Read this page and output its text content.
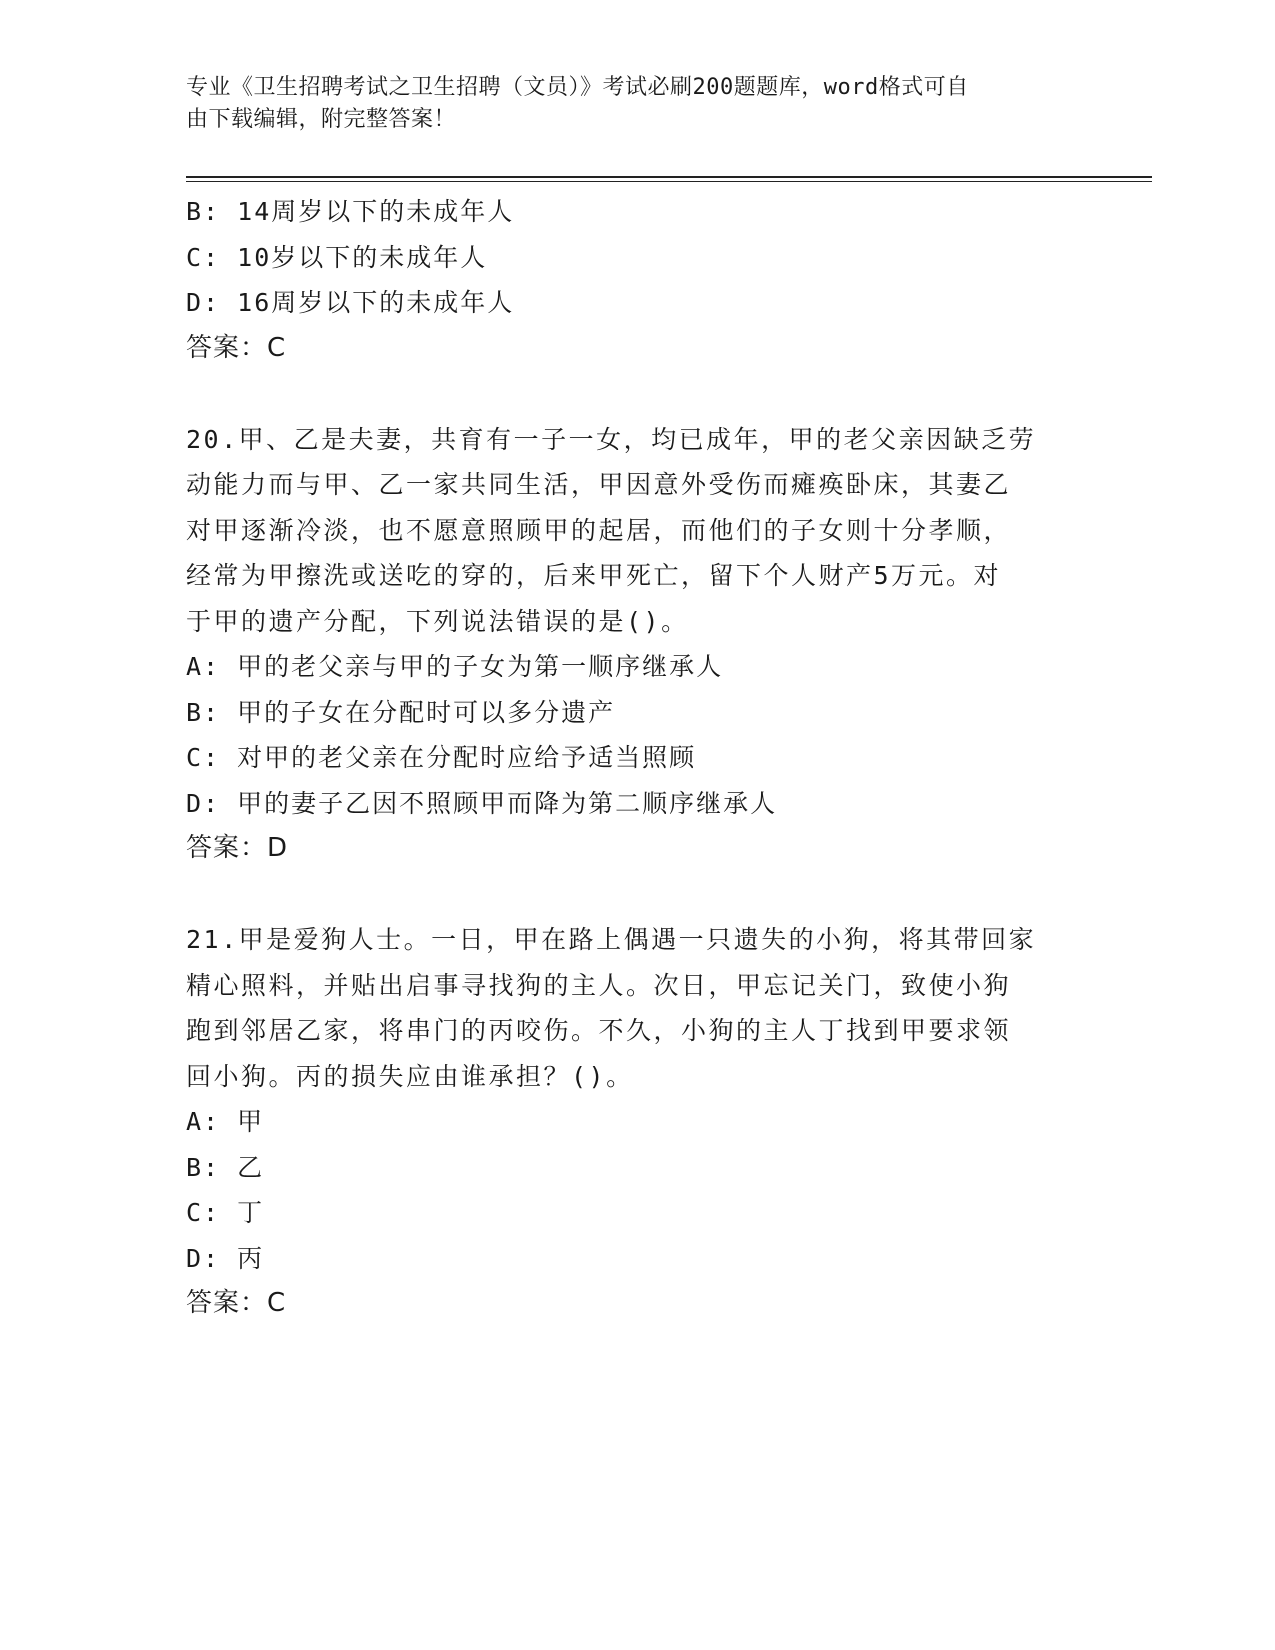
专业《卫生招聘考试之卫生招聘（文员）》考试必刷200题题库，word格式可自
由下载编辑，附完整答案！
B: 14周岁以下的未成年人
C: 10岁以下的未成年人
D: 16周岁以下的未成年人
答案：C
20.甲、乙是夫妻，共育有一子一女，均已成年，甲的老父亲因缺乏劳
动能力而与甲、乙一家共同生活，甲因意外受伤而瘫痪卧床，其妻乙
对甲逐渐冷淡，也不愿意照顾甲的起居，而他们的子女则十分孝顺，
经常为甲擦洗或送吃的穿的，后来甲死亡，留下个人财产5万元。对
于甲的遗产分配，下列说法错误的是()。
A: 甲的老父亲与甲的子女为第一顺序继承人
B: 甲的子女在分配时可以多分遗产
C: 对甲的老父亲在分配时应给予适当照顾
D: 甲的妻子乙因不照顾甲而降为第二顺序继承人
答案：D
21.甲是爱狗人士。一日，甲在路上偶遇一只遗失的小狗，将其带回家
精心照料，并贴出启事寻找狗的主人。次日，甲忘记关门，致使小狗
跑到邻居乙家，将串门的丙咬伤。不久，小狗的主人丁找到甲要求领
回小狗。丙的损失应由谁承担？()。
A: 甲
B: 乙
C: 丁
D: 丙
答案：C
